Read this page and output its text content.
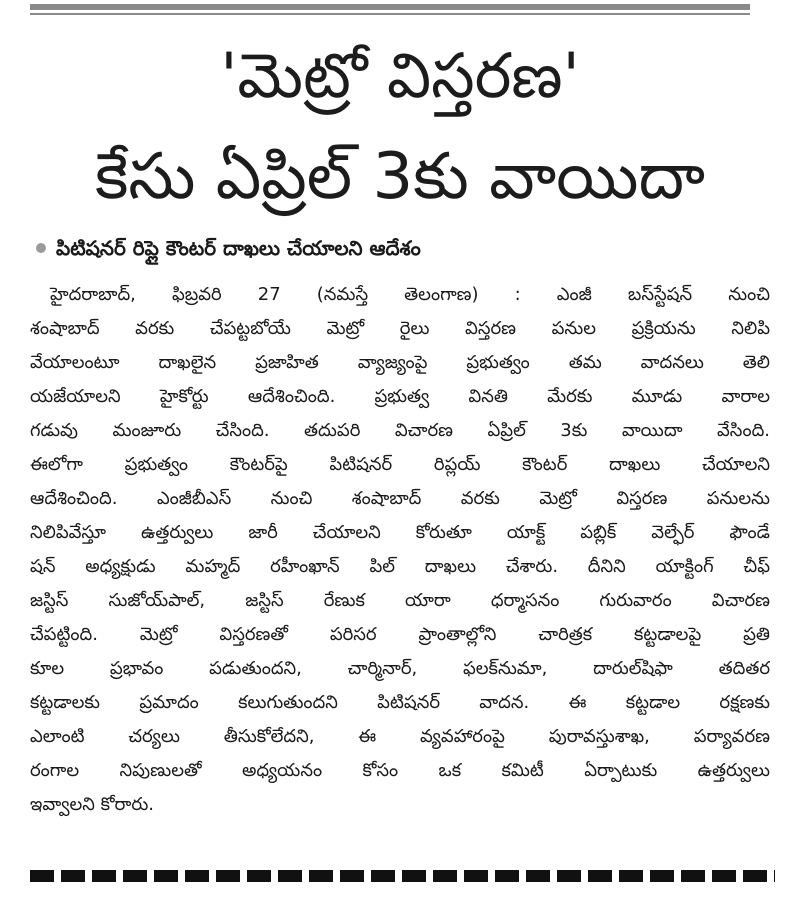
'మెట్రో విస్తరణ'
కేసు ఏప్రిల్ 3కు వాయిదా
పిటిషనర్ రిప్లై కౌంటర్ దాఖలు చేయాలని ఆదేశం
హైదరాబాద్, ఫిబ్రవరి 27 (నమస్తే తెలంగాణ) : ఎంజీ బస్‌స్టేషన్ నుంచి
శంషాబాద్ వరకు చేపట్టబోయే మెట్రో రైలు విస్తరణ పనుల ప్రక్రియను నిలిపి
వేయాలంటూ దాఖలైన ప్రజాహిత వ్యాజ్యంపై ప్రభుత్వం తమ వాదనలు తెలి
యజేయాలని హైకోర్టు ఆదేశించింది. ప్రభుత్వ వినతి మేరకు మూడు వారాల
గడువు మంజూరు చేసింది. తదుపరి విచారణ ఏప్రిల్ 3కు వాయిదా వేసింది.
ఈలోగా ప్రభుత్వం కౌంటర్‌పై పిటిషనర్ రిప్లయ్ కౌంటర్ దాఖలు చేయాలని
ఆదేశించింది. ఎంజీబీఎస్ నుంచి శంషాబాద్ వరకు మెట్రో విస్తరణ పనులను
నిలిపివేస్తూ ఉత్తర్వులు జారీ చేయాలని కోరుతూ యాక్ట్ పబ్లిక్ వెల్ఫేర్ ఫౌండే
షన్ అధ్యక్షుడు మహ్మద్ రహీంఖాన్ పిల్ దాఖలు చేశారు. దీనిని యాక్టింగ్ చీఫ్
జస్టిస్ సుజోయ్‌పాల్, జస్టిస్ రేణుక యారా ధర్మాసనం గురువారం విచారణ
చేపట్టింది. మెట్రో విస్తరణతో పరిసర ప్రాంతాల్లోని చారిత్రక కట్టడాలపై ప్రతి
కూల ప్రభావం పడుతుందని, చార్మినార్, ఫలక్‌నుమా, దారుల్‌షిఫా తదితర
కట్టడాలకు ప్రమాదం కలుగుతుందని పిటిషనర్ వాదన. ఈ కట్టడాల రక్షణకు
ఎలాంటి చర్యలు తీసుకోలేదని, ఈ వ్యవహారంపై పురావస్తుశాఖ, పర్యావరణ
రంగాల నిపుణులతో అధ్యయనం కోసం ఒక కమిటీ ఏర్పాటుకు ఉత్తర్వులు
ఇవ్వాలని కోరారు.
